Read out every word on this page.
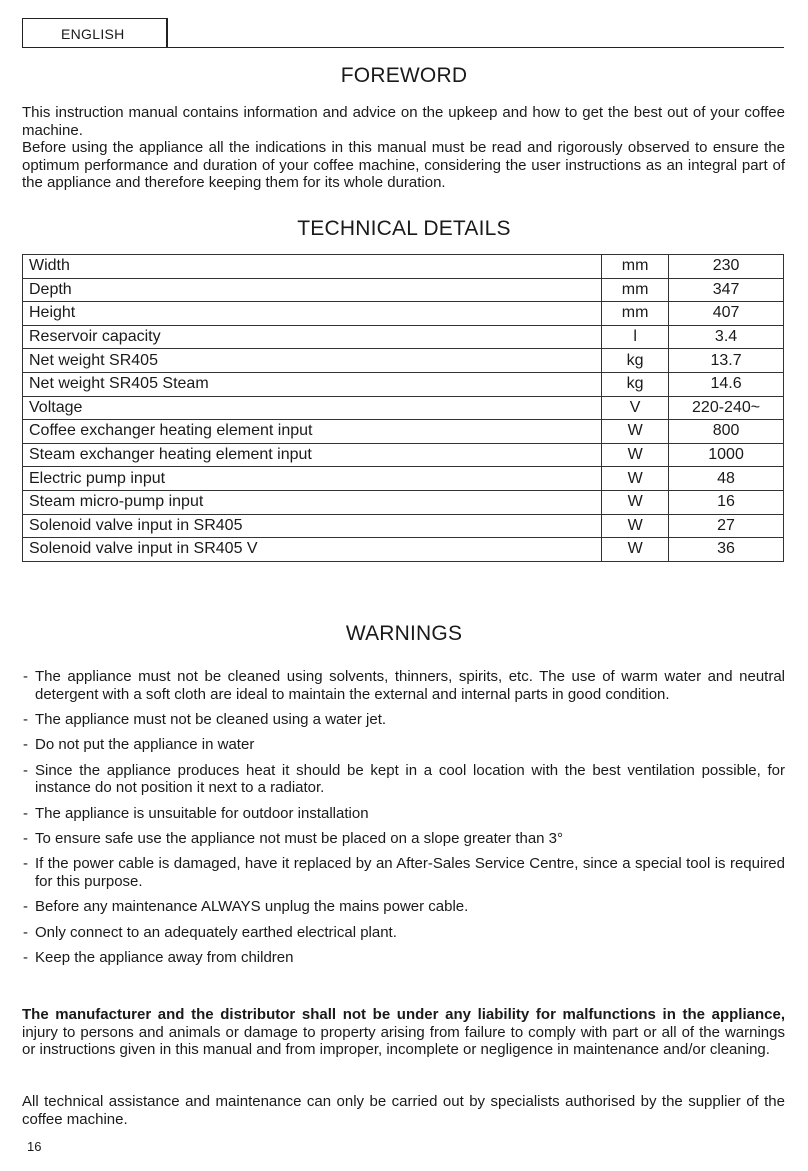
ENGLISH
FOREWORD

This instruction manual contains information and advice on the upkeep and how to get the best out of your coffee machine.

Before using the appliance all the indications in this manual must be read and rigorously observed to ensure the optimum performance and duration of your coffee machine, considering the user instructions as an integral part of the appliance and therefore keeping them for its whole duration.

TECHNICAL DETAILS
Width	mm	230
Depth	mm	347
Height	mm	407
Reservoir capacity	l	3.4
Net weight SR405	kg	13.7
Net weight SR405 Steam	kg	14.6
Voltage	V	220-240~
Coffee exchanger heating element input	W	800
Steam exchanger heating element input	W	1000
Electric pump input	W	48
Steam micro-pump input	W	16
Solenoid valve input in SR405	W	27
Solenoid valve input in SR405 V	W	36
WARNINGS
- The appliance must not be cleaned using solvents, thinners, spirits, etc. The use of warm water and neutral detergent with a soft cloth are ideal to maintain the external and internal parts in good condition.
- The appliance must not be cleaned using a water jet.
- Do not put the appliance in water
- Since the appliance produces heat it should be kept in a cool location with the best ventilation possible, for instance do not position it next to a radiator.
- The appliance is unsuitable for outdoor installation
- To ensure safe use the appliance not must be placed on a slope greater than 3°
- If the power cable is damaged, have it replaced by an After-Sales Service Centre, since a special tool is required for this purpose.
- Before any maintenance ALWAYS unplug the mains power cable.
- Only connect to an adequately earthed electrical plant.
- Keep the appliance away from children

The manufacturer and the distributor shall not be under any liability for malfunctions in the appliance, injury to persons and animals or damage to property arising from failure to comply with part or all of the warnings or instructions given in this manual and from improper, incomplete or negligence in maintenance and/or cleaning.

All technical assistance and maintenance can only be carried out by specialists authorised by the supplier of the coffee machine.

16
